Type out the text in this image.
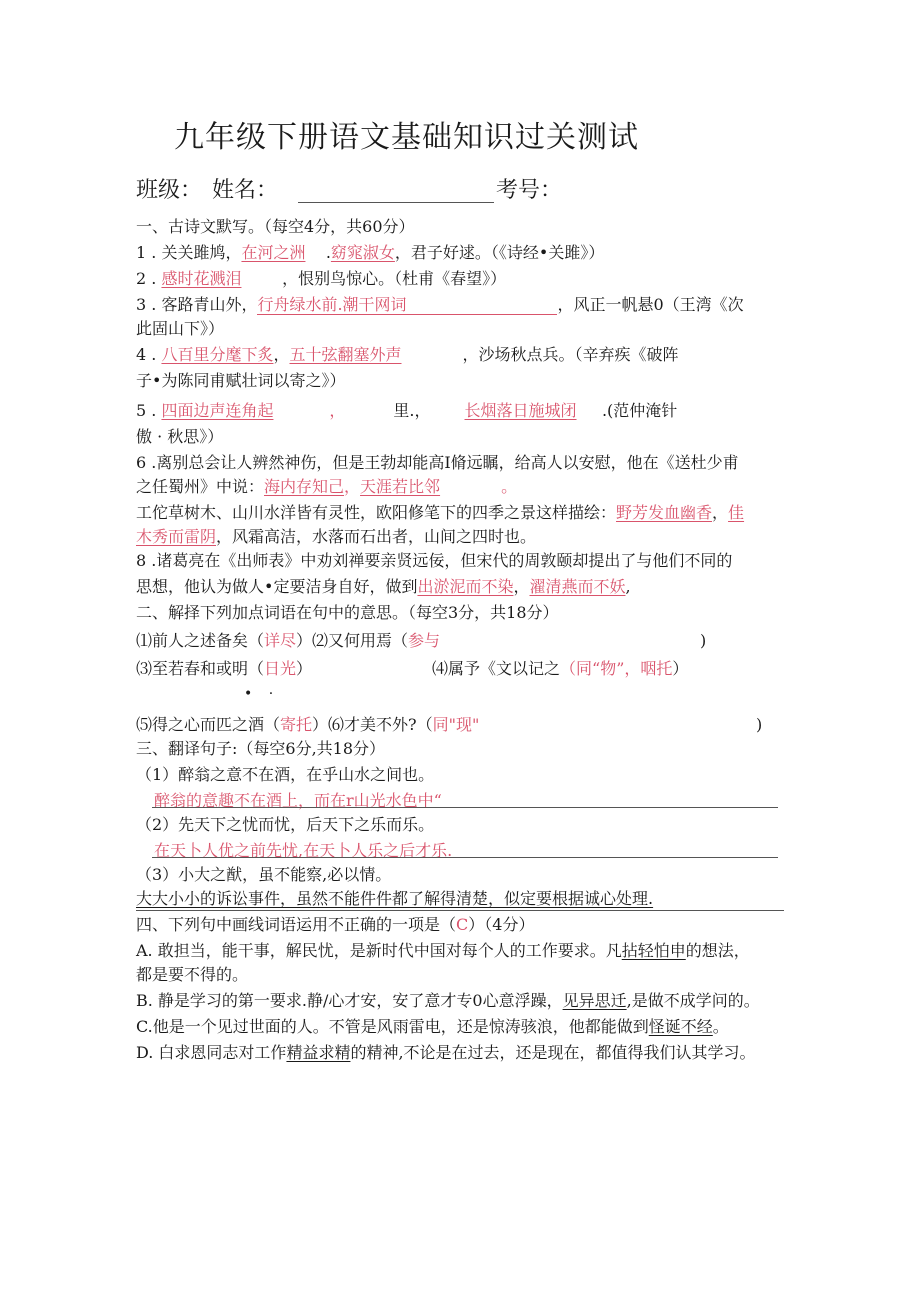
九年级下册语文基础知识过关测试
班级： 姓名：	考号：
一、古诗文默写。（每空4分，共60分）
1 . 关关雎鸠，在河之洲    .窈窕淑女，君子好逑。（《诗经•关雎》）
2 . 感时花溅泪        ，恨别鸟惊心。（杜甫《春望》）
3 . 客路青山外，行舟绿水前.潮干网词	，风正一帆悬0（王湾《次
此固山下》）
4 . 八百里分麾下炙，五十弦翻塞外声            ，沙场秋点兵。（辛弃疾《破阵
子•为陈同甫赋壮词以寄之》）
5 . 四面边声连角起           ，	里.， 长烟落日施城闭     .(范仲淹针
傲 · 秋思》）
6 .离别总会让人辨然神伤，但是王勃却能高Ⅰ脩远瞩，给高人以安慰，他在《送杜少甫
之任蜀州》中说：海内存知己，天涯若比邻            。
工佗草树木、山川水洋皆有灵性，欧阳修笔下的四季之景这样描绘：野芳发血幽香，佳
木秀而雷阴，风霜高洁，水落而石出者，山间之四时也。
8 .诸葛亮在《出师表》中劝刘禅要亲贤远佞，但宋代的周敦颐却提出了与他们不同的
思想，他认为做人•定要洁身自好，做到出淤泥而不染，濯清燕而不妖,
二、解择下列加点词语在句中的意思。（每空3分，共18分）
⑴前人之述备矣（详尽）⑵又何用焉（参与	)
⑶至若春和或明（日光）	⑷属予《文以记之（同“物”，咽托）
• ·
⑸得之心而匹之酒（寄托）⑹才美不外?（同"现"	)
三、翻译句子:（每空6分,共18分）
（1）醉翁之意不在酒，在乎山水之间也。
醉翁的意趣不在酒上，而在r山光水色中“
（2）先天下之忧而忧，后天下之乐而乐。
在天卜人优之前先忧,在天卜人乐之后才乐.
（3）小大之猷，虽不能察,必以情。
大大小小的诉讼事件，虽然不能件件都了解得清楚，似定要根据诚心处理.
四、下列句中画线词语运用不正确的一项是（C）（4分）
A. 敢担当，能干事，解民忧，是新时代中国对每个人的工作要求。凡拈轻怕申的想法，
都是要不得的。
B. 静是学习的第一要求.静/心才安，安了意才专0心意浮躁，见异思迁,是做不成学问的。
C.他是一个见过世面的人。不管是风雨雷电，还是惊涛骇浪，他都能做到怪诞不经。
D. 白求恩同志对工作精益求精的精神,不论是在过去，还是现在，都值得我们认其学习。
